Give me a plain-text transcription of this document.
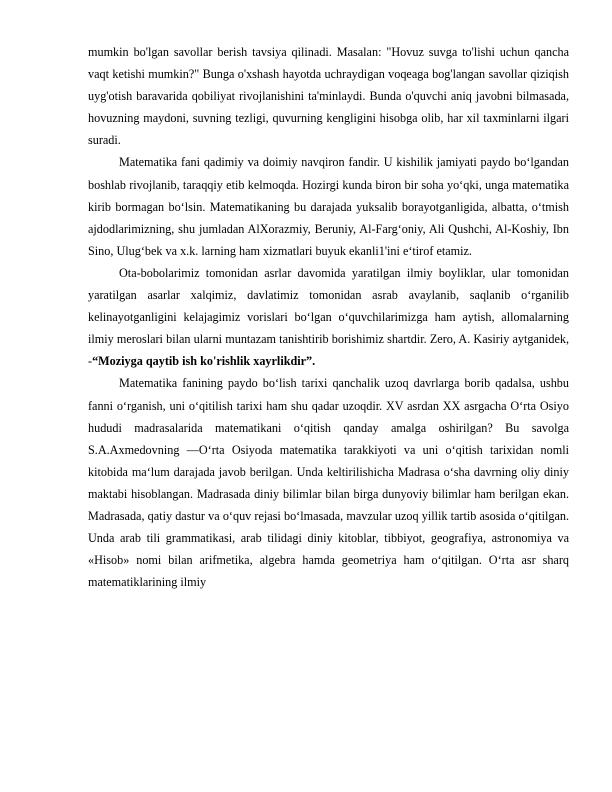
mumkin bo'lgan savollar berish tavsiya qilinadi. Masalan: "Hovuz suvga to'lishi uchun qancha vaqt ketishi mumkin?" Bunga o'xshash hayotda uchraydigan voqeaga bog'langan savollar qiziqish uyg'otish baravarida qobiliyat rivojlanishini ta'minlaydi. Bunda o'quvchi aniq javobni bilmasada, hovuzning maydoni, suvning tezligi, quvurning kengligini hisobga olib, har xil taxminlarni ilgari suradi.

Matematika fani qadimiy va doimiy navqiron fandir. U kishilik jamiyati paydo bo‘lgandan boshlab rivojlanib, taraqqiy etib kelmoqda. Hozirgi kunda biron bir soha yo‘qki, unga matematika kirib bormagan bo‘lsin. Matematikaning bu darajada yuksalib borayotganligida, albatta, o‘tmish ajdodlarimizning, shu jumladan AlXorazmiy, Beruniy, Al-Farg‘oniy, Ali Qushchi, Al-Koshiy, Ibn Sino, Ulug‘bek va x.k. larning ham xizmatlari buyuk ekanli1'ini e‘tirof etamiz.

Ota-bobolarimiz tomonidan asrlar davomida yaratilgan ilmiy boyliklar, ular tomonidan yaratilgan asarlar xalqimiz, davlatimiz tomonidan asrab avaylanib, saqlanib o‘rganilib kelinayotganligini kelajagimiz vorislari bo‘lgan o‘quvchilarimizga ham aytish, allomalarning ilmiy meroslari bilan ularni muntazam tanishtirib borishimiz shartdir. Zero, A. Kasiriy aytganidek, -“Moziyga qaytib ish ko'rishlik xayrlikdir”.

Matematika fanining paydo bo‘lish tarixi qanchalik uzoq davrlarga borib qadalsa, ushbu fanni o‘rganish, uni o‘qitilish tarixi ham shu qadar uzoqdir. XV asrdan XX asrgacha O‘rta Osiyo hududi madrasalarida matematikani o‘qitish qanday amalga oshirilgan? Bu savolga S.A.Axmedovning ―O‘rta Osiyoda matematika tarakkiyoti va uni o‘qitish tarixidan nomli kitobida ma‘lum darajada javob berilgan. Unda keltirilishicha Madrasa o‘sha davrning oliy diniy maktabi hisoblangan. Madrasada diniy bilimlar bilan birga dunyoviy bilimlar ham berilgan ekan. Madrasada, qatiy dastur va o‘quv rejasi bo‘lmasada, mavzular uzoq yillik tartib asosida o‘qitilgan. Unda arab tili grammatikasi, arab tilidagi diniy kitoblar, tibbiyot, geografiya, astronomiya va «Hisob» nomi bilan arifmetika, algebra hamda geometriya ham o‘qitilgan. O‘rta asr sharq matematiklarining ilmiy
